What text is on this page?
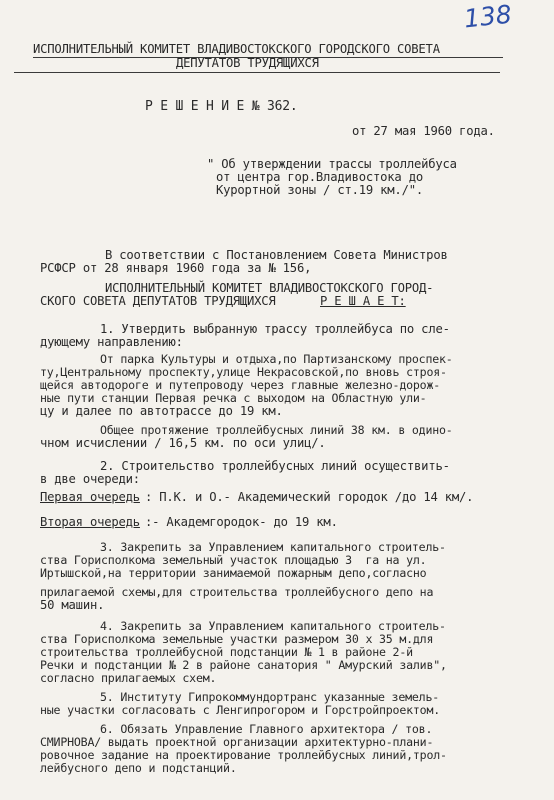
138
ИСПОЛНИТЕЛЬНЫЙ КОМИТЕТ ВЛАДИВОСТОКСКОГО ГОРОДСКОГО СОВЕТА
ДЕПУТАТОВ ТРУДЯЩИХСЯ
Р Е Ш Е Н И Е № 362.
от 27 мая 1960 года.
" Об утверждении трассы троллейбуса
от центра гор.Владивостока до
Курортной зоны / ст.19 км./".
В соответствии с Постановлением Совета Министров
РСФСР от 28 января 1960 года за № 156,
ИСПОЛНИТЕЛЬНЫЙ КОМИТЕТ ВЛАДИВОСТОКСКОГО ГОРОД-
СКОГО СОВЕТА ДЕПУТАТОВ ТРУДЯЩИХСЯ	Р Е Ш А Е Т:
1. Утвердить выбранную трассу троллейбуса по сле-
дующему направлению:
От парка Культуры и отдыха,по Партизанскому проспек-
ту,Центральному проспекту,улице Некрасовской,по вновь строя-
щейся автодороге и путепроводу через главные железно-дорож-
ные пути станции Первая речка с выходом на Областную ули-
цу и далее по автотрассе до 19 км.
Общее протяжение троллейбусных линий 38 км. в одино-
чном исчислении / 16,5 км. по оси улиц/.
2. Строительство троллейбусных линий осуществить-
в две очереди:
Первая очередь : П.К. и О.- Академический городок /до 14 км/.
Вторая очередь :- Академгородок- до 19 км.
3. Закрепить за Управлением капитального строитель-
ства Горисполкома земельный участок площадью 3  га на ул.
Иртышской,на территории занимаемой пожарным депо,согласно
прилагаемой схемы,для строительства троллейбусного депо на
50 машин.
4. Закрепить за Управлением капитального строитель-
ства Горисполкома земельные участки размером 30 х 35 м.для
строительства троллейбусной подстанции № 1 в районе 2-й
Речки и подстанции № 2 в районе санатория " Амурский залив",
согласно прилагаемых схем.
5. Институту Гипрокоммундортранс указанные земель-
ные участки согласовать с Ленгипрогором и Горстройпроектом.
6. Обязать Управление Главного архитектора / тов.
СМИРНОВА/ выдать проектной организации архитектурно-плани-
ровочное задание на проектирование троллейбусных линий,трол-
лейбусного депо и подстанций.
